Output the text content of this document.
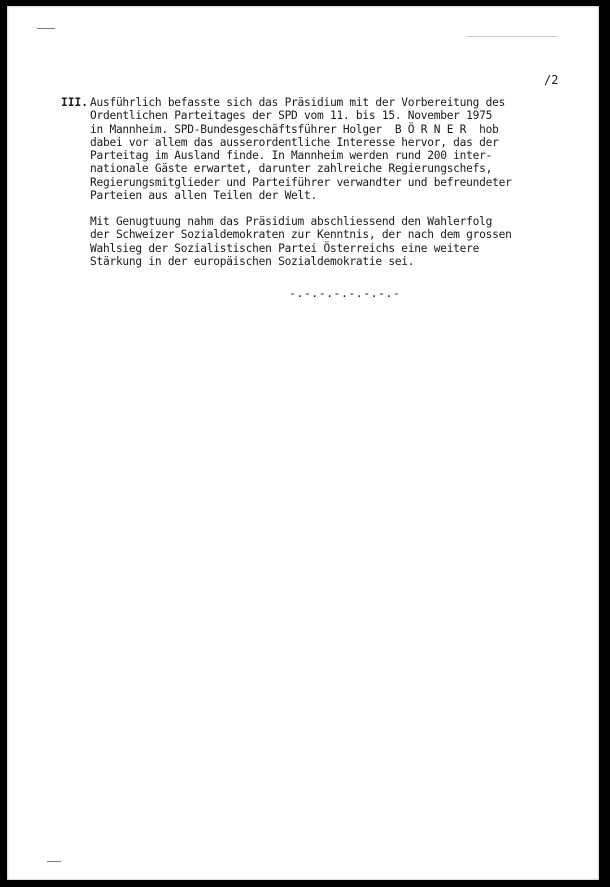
/2
III. Ausführlich befasste sich das Präsidium mit der Vorbereitung des
Ordentlichen Parteitages der SPD vom 11. bis 15. November 1975
in Mannheim. SPD-Bundesgeschäftsführer Holger  B Ö R N E R  hob
dabei vor allem das ausserordentliche Interesse hervor, das der
Parteitag im Ausland finde. In Mannheim werden rund 200 inter-
nationale Gäste erwartet, darunter zahlreiche Regierungschefs,
Regierungsmitglieder und Parteiführer verwandter und befreundeter
Parteien aus allen Teilen der Welt.
Mit Genugtuung nahm das Präsidium abschliessend den Wahlerfolg
der Schweizer Sozialdemokraten zur Kenntnis, der nach dem grossen
Wahlsieg der Sozialistischen Partei Österreichs eine weitere
Stärkung in der europäischen Sozialdemokratie sei.
-.-.-.-.-.-.-.-
